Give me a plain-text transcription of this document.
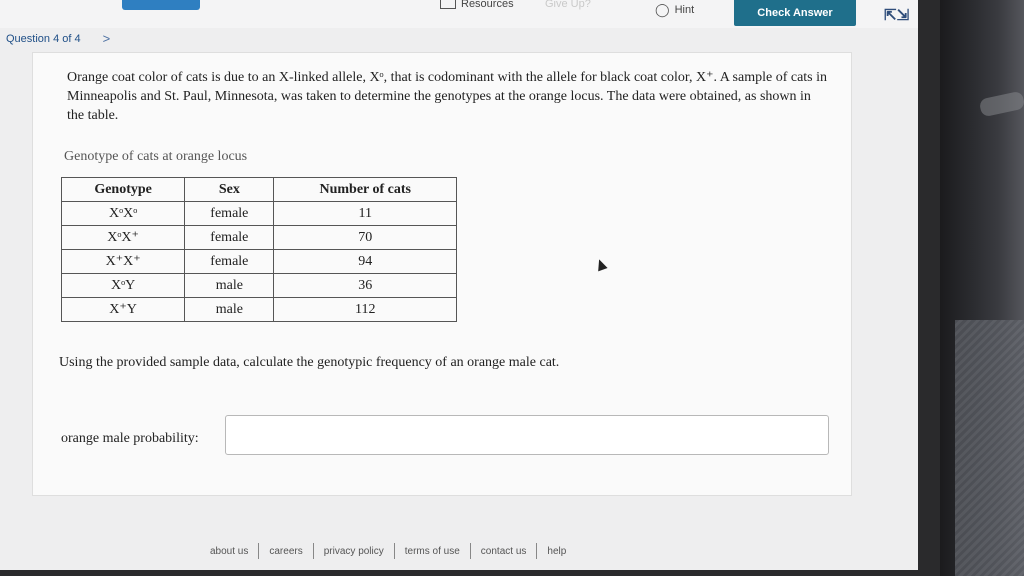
Resources	Give Up?	◯ Hint	Check Answer	⇱⇲
Question 4 of 4 >

Orange coat color of cats is due to an X-linked allele, Xᵒ, that is codominant with the allele for black coat color, X⁺. A sample of cats in Minneapolis and St. Paul, Minnesota, was taken to determine the genotypes at the orange locus. The data were obtained, as shown in the table.

Genotype of cats at orange locus
Genotype	Sex	Number of cats
XᵒXᵒ	female	11
XᵒX⁺	female	70
X⁺X⁺	female	94
XᵒY	male	36
X⁺Y	male	112

Using the provided sample data, calculate the genotypic frequency of an orange male cat.

orange male probability:
about us	careers	privacy policy	terms of use	contact us	help
